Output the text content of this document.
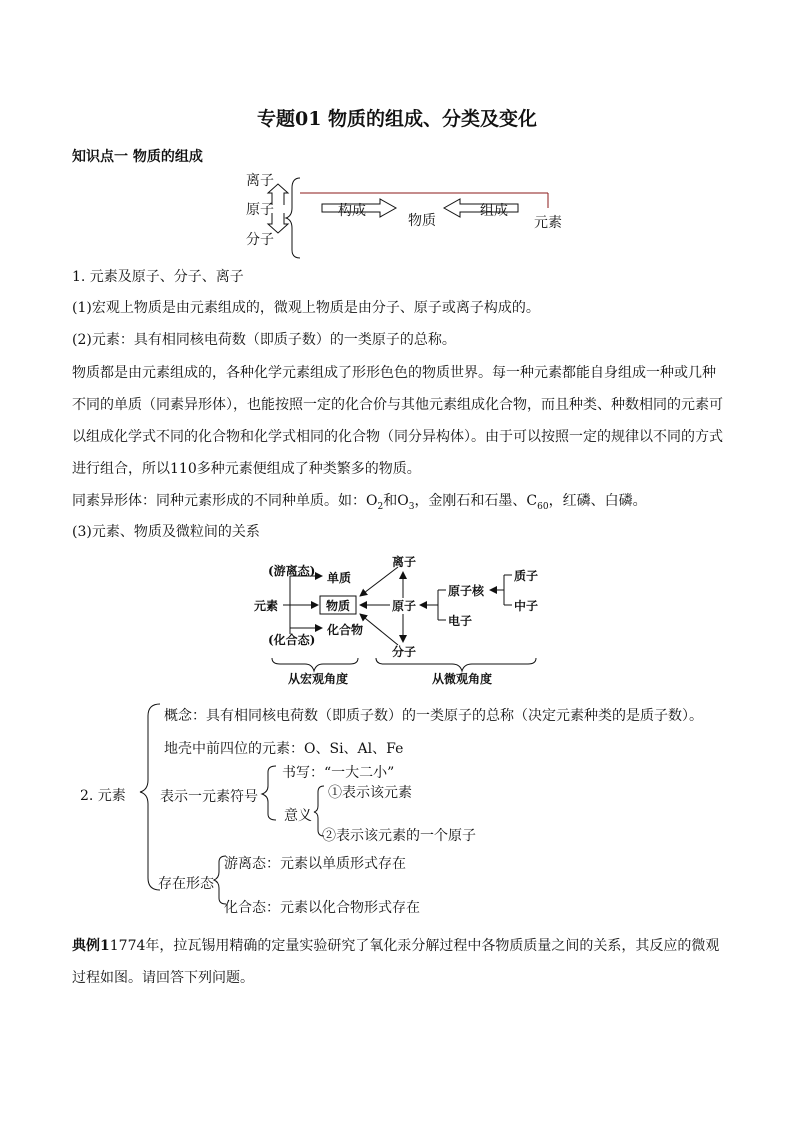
专题01 物质的组成、分类及变化
知识点一 物质的组成
离子
原子
分子
构成
物质
组成
元素
1. 元素及原子、分子、离子
(1)宏观上物质是由元素组成的，微观上物质是由分子、原子或离子构成的。
(2)元素：具有相同核电荷数（即质子数）的一类原子的总称。
物质都是由元素组成的，各种化学元素组成了形形色色的物质世界。每一种元素都能自身组成一种或几种
不同的单质（同素异形体），也能按照一定的化合价与其他元素组成化合物，而且种类、种数相同的元素可
以组成化学式不同的化合物和化学式相同的化合物（同分异构体）。由于可以按照一定的规律以不同的方式
进行组合，所以110多种元素便组成了种类繁多的物质。
同素异形体：同种元素形成的不同种单质。如：$O_2$和$O_3$，金刚石和石墨、$C_{60}$，红磷、白磷。
(3)元素、物质及微粒间的关系
(游离态) 单质
元素	物质
(化合态)
化合物
离子
原子
分子
原子核
电子
质子
中子
从宏观角度	从微观角度
2. 元素
概念：具有相同核电荷数（即质子数）的一类原子的总称（决定元素种类的是质子数）。
地壳中前四位的元素：O、Si、Al、Fe
表示一元素符号
书写：“一大二小”
意义
①表示该元素
②表示该元素的一个原子
存在形态
游离态：元素以单质形式存在
化合态：元素以化合物形式存在
典例11774年，拉瓦锡用精确的定量实验研究了氧化汞分解过程中各物质质量之间的关系，其反应的微观
过程如图。请回答下列问题。
